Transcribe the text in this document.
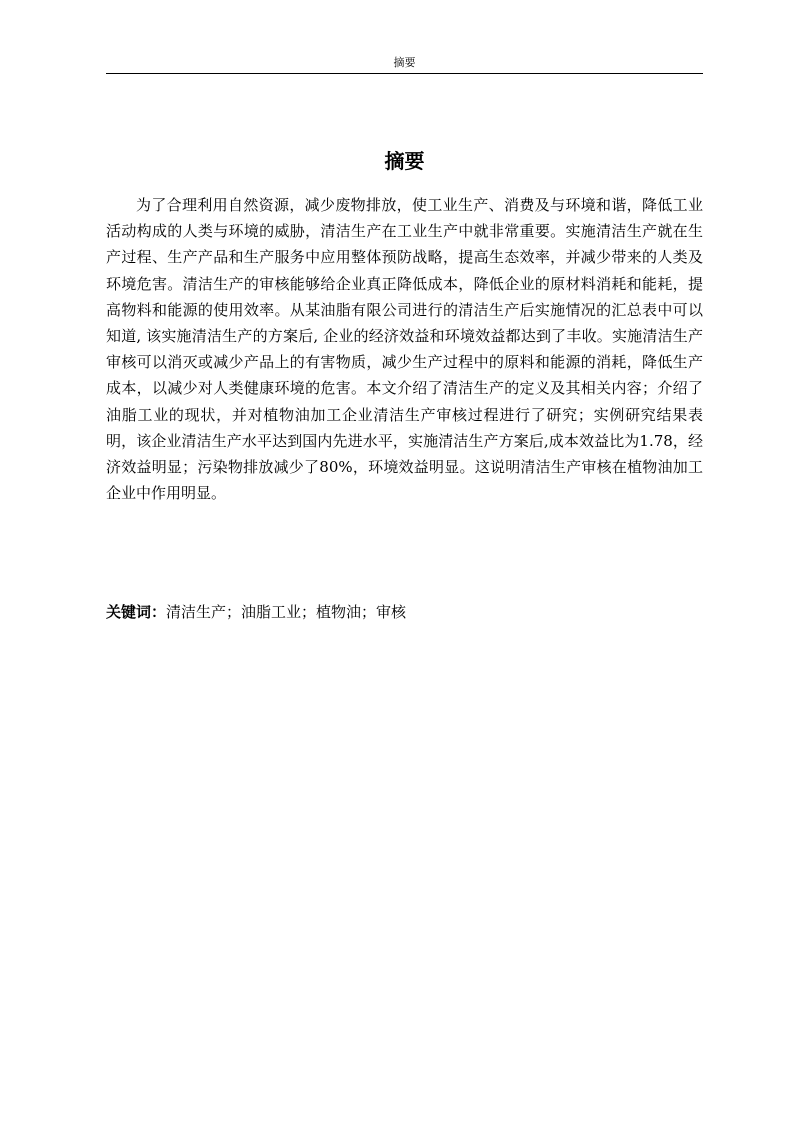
摘要
摘要

为了合理利用自然资源，减少废物排放，使工业生产、消费及与环境和谐，降低工业活动构成的人类与环境的威胁，清洁生产在工业生产中就非常重要。实施清洁生产就在生产过程、生产产品和生产服务中应用整体预防战略，提高生态效率，并减少带来的人类及环境危害。清洁生产的审核能够给企业真正降低成本，降低企业的原材料消耗和能耗，提高物料和能源的使用效率。从某油脂有限公司进行的清洁生产后实施情况的汇总表中可以知道, 该实施清洁生产的方案后, 企业的经济效益和环境效益都达到了丰收。实施清洁生产审核可以消灭或减少产品上的有害物质，减少生产过程中的原料和能源的消耗，降低生产成本，以减少对人类健康环境的危害。本文介绍了清洁生产的定义及其相关内容；介绍了油脂工业的现状，并对植物油加工企业清洁生产审核过程进行了研究；实例研究结果表明，该企业清洁生产水平达到国内先进水平，实施清洁生产方案后,成本效益比为1.78，经济效益明显；污染物排放减少了80%，环境效益明显。这说明清洁生产审核在植物油加工企业中作用明显。

关键词：清洁生产；油脂工业；植物油；审核
